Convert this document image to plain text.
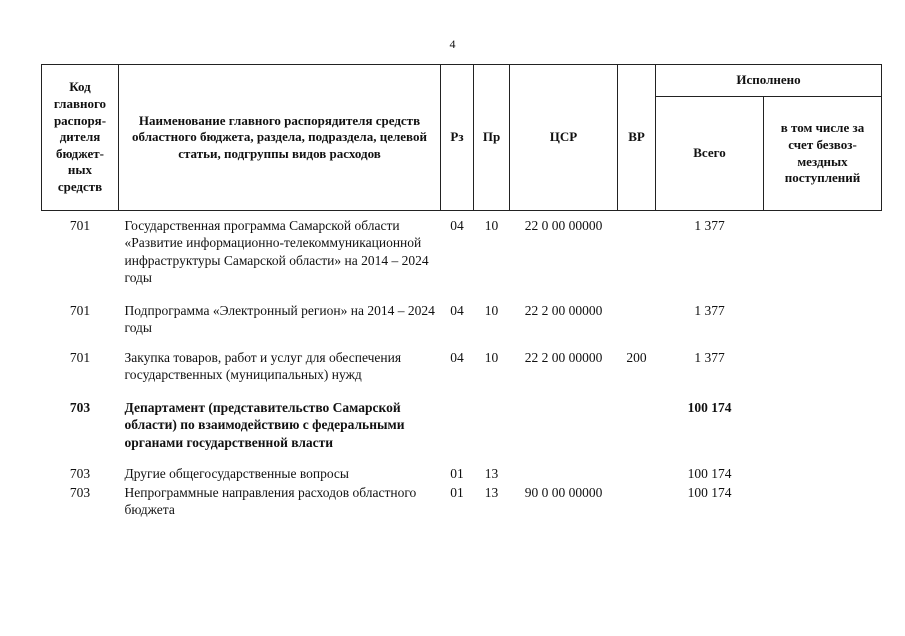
4
Код главного распоря-дителя бюджет-ных средств	Наименование главного распорядителя средств областного бюджета, раздела, подраздела, целевой статьи, подгруппы видов расходов	Рз	Пр	ЦСР	ВР	Исполнено	
						Всего	в том числе за счет безвоз-мездных поступлений
701	Государственная программа Самарской области «Развитие информационно-телекоммуникационной инфраструктуры Самарской области» на 2014 – 2024 годы	04	10	22 0 00 00000		1 377	
701	Подпрограмма «Электронный регион» на 2014 – 2024 годы	04	10	22 2 00 00000		1 377	
701	Закупка товаров, работ и услуг для обеспечения государственных (муниципальных) нужд	04	10	22 2 00 00000	200	1 377	
703	Департамент (представительство Самарской области) по взаимодействию с федеральными органами государственной власти					100 174	
703	Другие общегосударственные вопросы	01	13			100 174	
703	Непрограммные направления расходов областного бюджета	01	13	90 0 00 00000		100 174	
